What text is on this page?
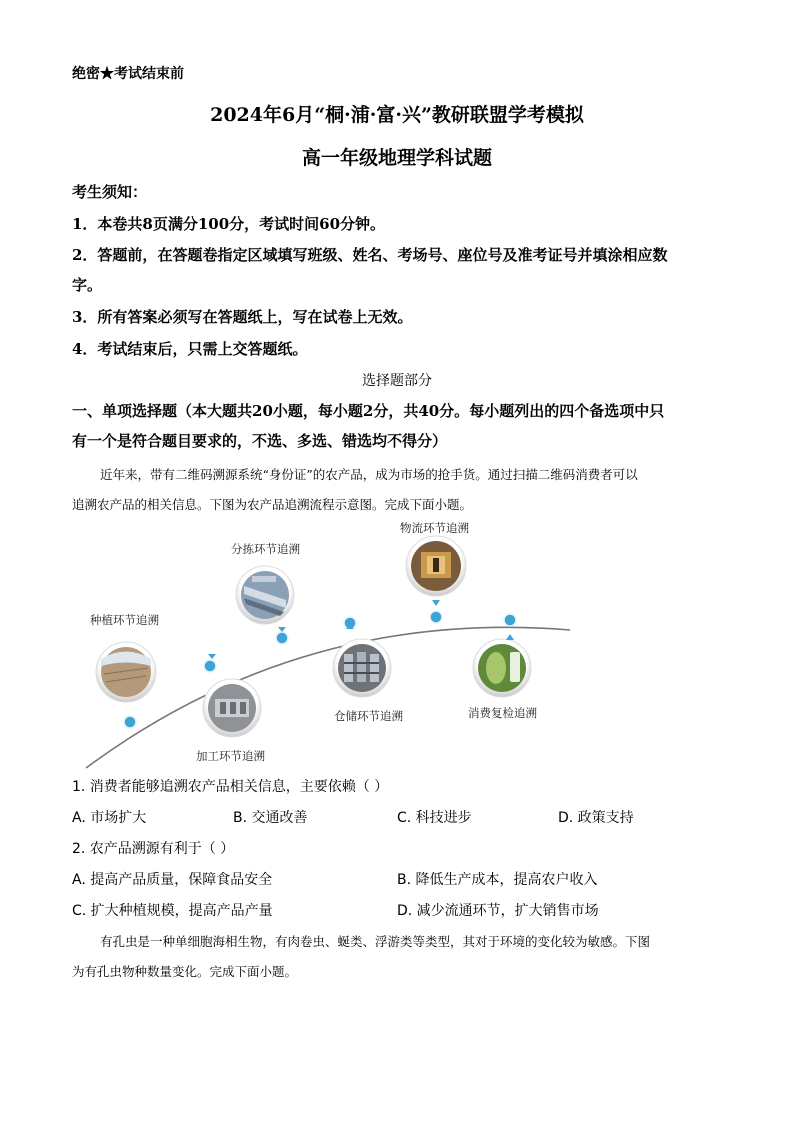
绝密★考试结束前
2024年6月“桐·浦·富·兴”教研联盟学考模拟
高一年级地理学科试题
考生须知：
1．本卷共8页满分100分，考试时间60分钟。
2．答题前，在答题卷指定区域填写班级、姓名、考场号、座位号及准考证号并填涂相应数
字。
3．所有答案必须写在答题纸上，写在试卷上无效。
4．考试结束后，只需上交答题纸。
选择题部分
一、单项选择题（本大题共20小题，每小题2分，共40分。每小题列出的四个备选项中只
有一个是符合题目要求的，不选、多选、错选均不得分）
近年来，带有二维码溯源系统“身份证”的农产品，成为市场的抢手货。通过扫描二维码消费者可以
追溯农产品的相关信息。下图为农产品追溯流程示意图。完成下面小题。
种植环节追溯
加工环节追溯
分拣环节追溯
仓储环节追溯
物流环节追溯
消费复检追溯
1. 消费者能够追溯农产品相关信息，主要依赖（ ）
A. 市场扩大	B. 交通改善	C. 科技进步	D. 政策支持
2. 农产品溯源有利于（ ）
A. 提高产品质量，保障食品安全	B. 降低生产成本，提高农户收入
C. 扩大种植规模，提高产品产量	D. 减少流通环节，扩大销售市场
有孔虫是一种单细胞海相生物，有肉卷虫、蜒类、浮游类等类型，其对于环境的变化较为敏感。下图
为有孔虫物种数量变化。完成下面小题。
